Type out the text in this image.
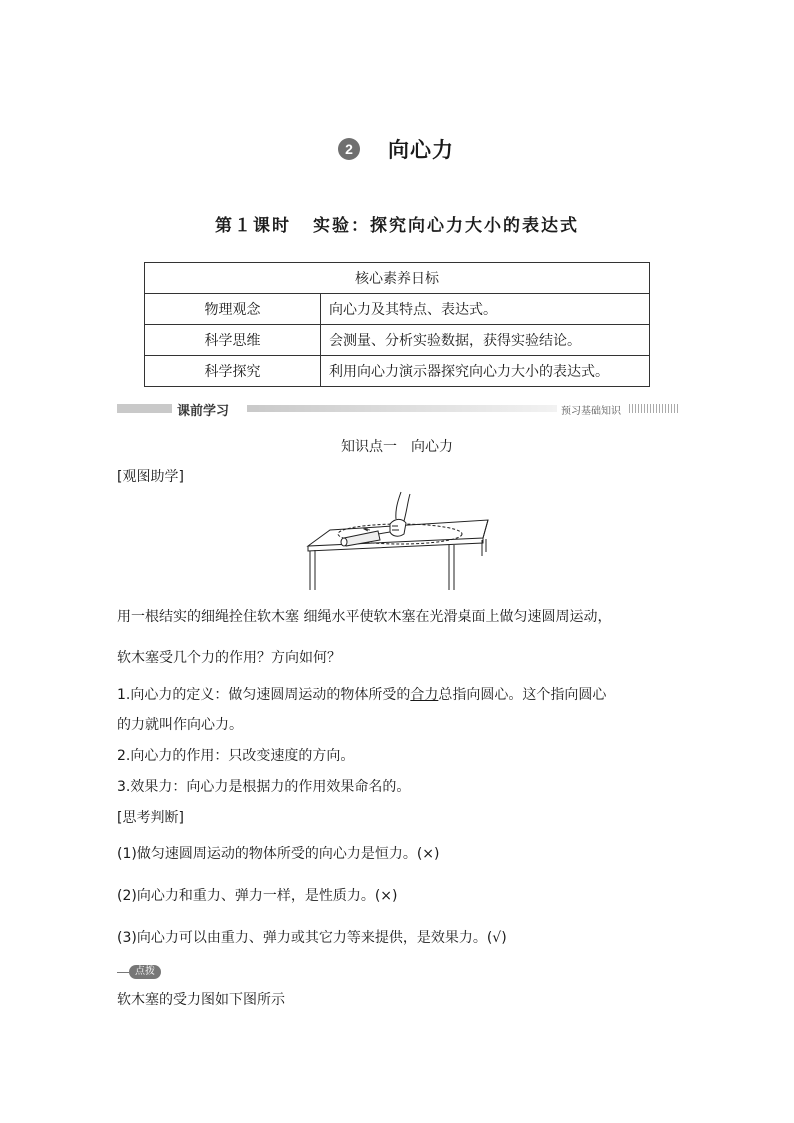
2	向心力
第１课时 实验：探究向心力大小的表达式
核心素养日标	
物理观念	向心力及其特点、表达式。
科学思维	会测量、分析实验数据，获得实验结论。
科学探究	利用向心力演示器探究向心力大小的表达式。
课前学习	预习基础知识
知识点一 向心力
[观图助学]
用一根结实的细绳拴住软木塞 细绳水平使软木塞在光滑桌面上做匀速圆周运动，
软木塞受几个力的作用？方向如何？
1.向心力的定义：做匀速圆周运动的物体所受的合力总指向圆心。这个指向圆心
的力就叫作向心力。
2.向心力的作用：只改变速度的方向。
3.效果力：向心力是根据力的作用效果命名的。
[思考判断]
(1)做匀速圆周运动的物体所受的向心力是恒力。(×)
(2)向心力和重力、弹力一样，是性质力。(×)
(3)向心力可以由重力、弹力或其它力等来提供，是效果力。(√)
点拨
软木塞的受力图如下图所示
